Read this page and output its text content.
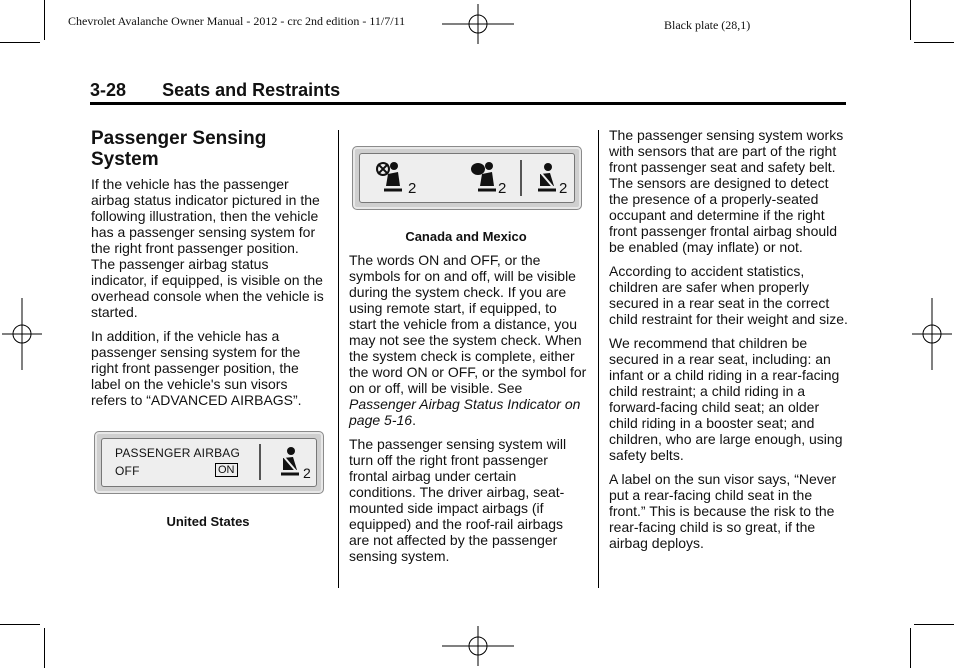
Chevrolet Avalanche Owner Manual - 2012 - crc 2nd edition - 11/7/11	Black plate (28,1)
3-28 Seats and Restraints
Passenger Sensing System

If the vehicle has the passenger airbag status indicator pictured in the following illustration, then the vehicle has a passenger sensing system for the right front passenger position. The passenger airbag status indicator, if equipped, is visible on the overhead console when the vehicle is started.

In addition, if the vehicle has a passenger sensing system for the right front passenger position, the label on the vehicle's sun visors refers to “ADVANCED AIRBAGS”.

PASSENGER AIRBAG
OFF	ON	2
United States
2	2	2
Canada and Mexico

The words ON and OFF, or the symbols for on and off, will be visible during the system check. If you are using remote start, if equipped, to start the vehicle from a distance, you may not see the system check. When the system check is complete, either the word ON or OFF, or the symbol for on or off, will be visible. See Passenger Airbag Status Indicator on page 5-16.

The passenger sensing system will turn off the right front passenger frontal airbag under certain conditions. The driver airbag, seat-mounted side impact airbags (if equipped) and the roof-rail airbags are not affected by the passenger sensing system.

The passenger sensing system works with sensors that are part of the right front passenger seat and safety belt. The sensors are designed to detect the presence of a properly-seated occupant and determine if the right front passenger frontal airbag should be enabled (may inflate) or not.

According to accident statistics, children are safer when properly secured in a rear seat in the correct child restraint for their weight and size.

We recommend that children be secured in a rear seat, including: an infant or a child riding in a rear-facing child restraint; a child riding in a forward-facing child seat; an older child riding in a booster seat; and children, who are large enough, using safety belts.

A label on the sun visor says, “Never put a rear-facing child seat in the front.” This is because the risk to the rear-facing child is so great, if the airbag deploys.
